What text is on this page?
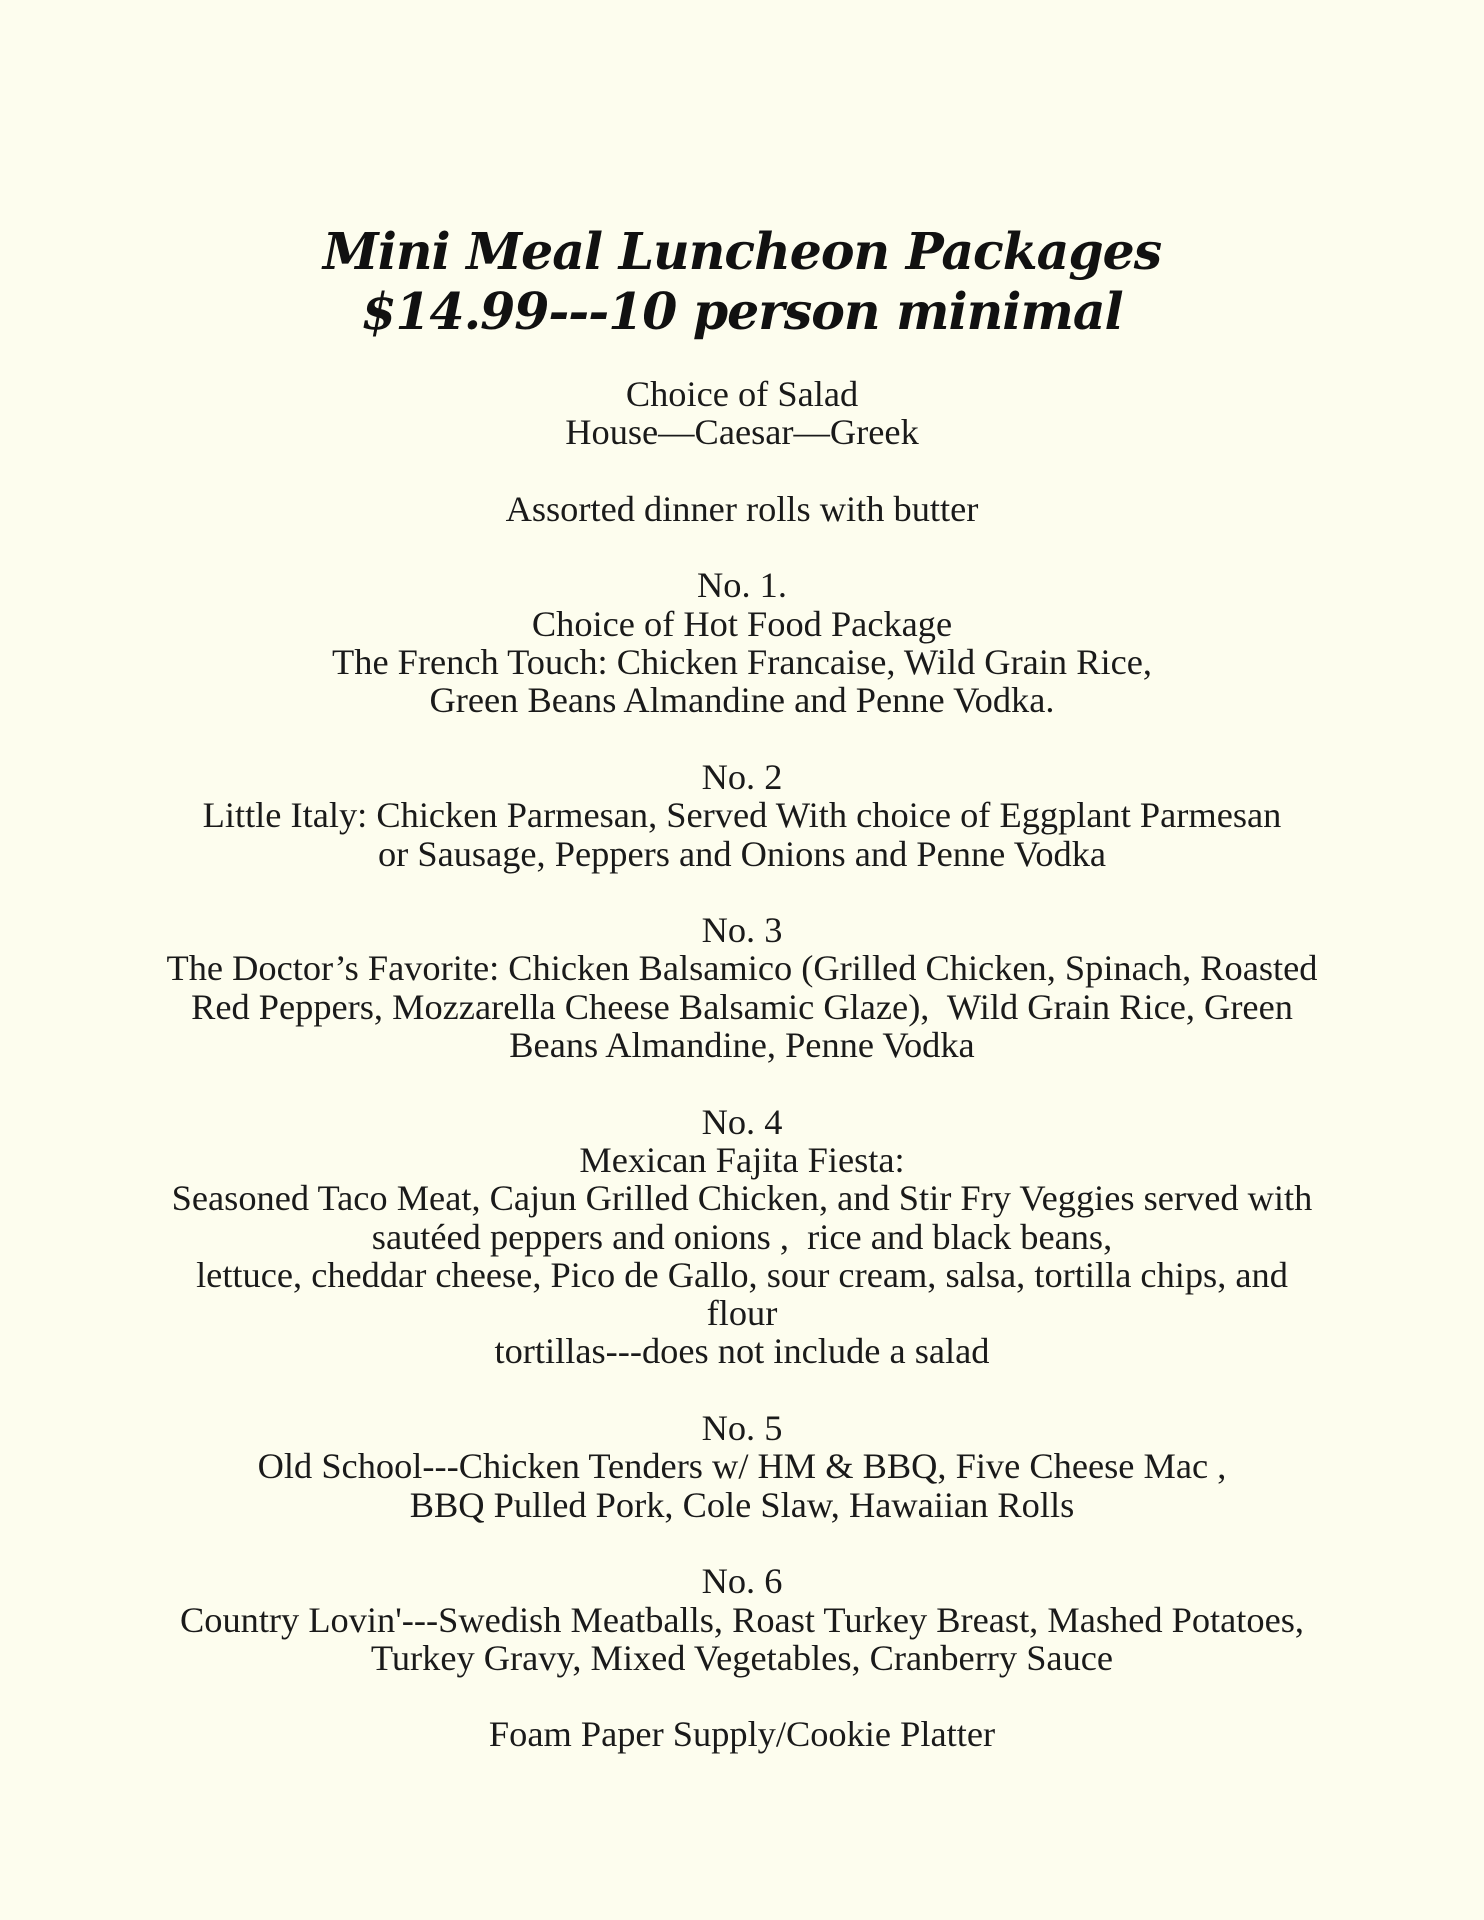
Mini Meal Luncheon Packages
$14.99---10 person minimal
Choice of Salad
House—Caesar—Greek
Assorted dinner rolls with butter
No. 1.
Choice of Hot Food Package
The French Touch: Chicken Francaise, Wild Grain Rice,
Green Beans Almandine and Penne Vodka.
No. 2
Little Italy: Chicken Parmesan, Served With choice of Eggplant Parmesan
or Sausage, Peppers and Onions and Penne Vodka
No. 3
The Doctor’s Favorite: Chicken Balsamico (Grilled Chicken, Spinach, Roasted
Red Peppers, Mozzarella Cheese Balsamic Glaze),  Wild Grain Rice, Green
Beans Almandine, Penne Vodka
No. 4
Mexican Fajita Fiesta:
Seasoned Taco Meat, Cajun Grilled Chicken, and Stir Fry Veggies served with
sautéed peppers and onions ,  rice and black beans,
lettuce, cheddar cheese, Pico de Gallo, sour cream, salsa, tortilla chips, and
flour
tortillas---does not include a salad
No. 5
Old School---Chicken Tenders w/ HM & BBQ, Five Cheese Mac ,
BBQ Pulled Pork, Cole Slaw, Hawaiian Rolls
No. 6
Country Lovin'---Swedish Meatballs, Roast Turkey Breast, Mashed Potatoes,
Turkey Gravy, Mixed Vegetables, Cranberry Sauce
Foam Paper Supply/Cookie Platter
